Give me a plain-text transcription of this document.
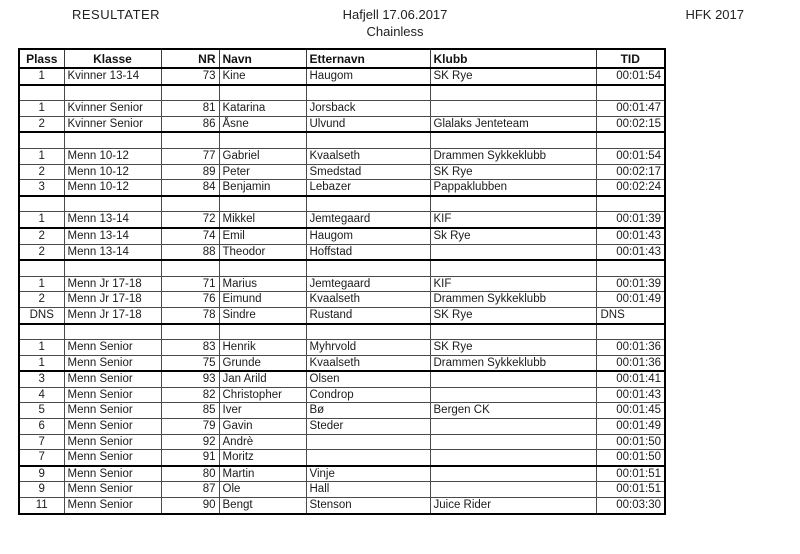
RESULTATER	Hafjell 17.06.2017
Chainless
HFK 2017
Plass	Klasse	NR	Navn	Etternavn	Klubb	TID
1	Kvinner 13-14	73	Kine	Haugom	SK Rye	00:01:54

1	Kvinner Senior	81	Katarina	Jorsback		00:01:47
2	Kvinner Senior	86	Åsne	Ulvund	Glalaks Jenteteam	00:02:15

1	Menn 10-12	77	Gabriel	Kvaalseth	Drammen Sykkeklubb	00:01:54
2	Menn 10-12	89	Peter	Smedstad	SK Rye	00:02:17
3	Menn 10-12	84	Benjamin	Lebazer	Pappaklubben	00:02:24

1	Menn 13-14	72	Mikkel	Jemtegaard	KIF	00:01:39
2	Menn 13-14	74	Emil	Haugom	Sk Rye	00:01:43
2	Menn 13-14	88	Theodor	Hoffstad		00:01:43

1	Menn Jr 17-18	71	Marius	Jemtegaard	KIF	00:01:39
2	Menn Jr 17-18	76	Eimund	Kvaalseth	Drammen Sykkeklubb	00:01:49
DNS	Menn Jr 17-18	78	Sindre	Rustand	SK Rye	DNS

1	Menn Senior	83	Henrik	Myhrvold	SK Rye	00:01:36
1	Menn Senior	75	Grunde	Kvaalseth	Drammen Sykkeklubb	00:01:36
3	Menn Senior	93	Jan Arild	Olsen		00:01:41
4	Menn Senior	82	Christopher	Condrop		00:01:43
5	Menn Senior	85	Iver	Bø	Bergen CK	00:01:45
6	Menn Senior	79	Gavin	Steder		00:01:49
7	Menn Senior	92	Andrè			00:01:50
7	Menn Senior	91	Moritz			00:01:50
9	Menn Senior	80	Martin	Vinje		00:01:51
9	Menn Senior	87	Ole	Hall		00:01:51
11	Menn Senior	90	Bengt	Stenson	Juice Rider	00:03:30
